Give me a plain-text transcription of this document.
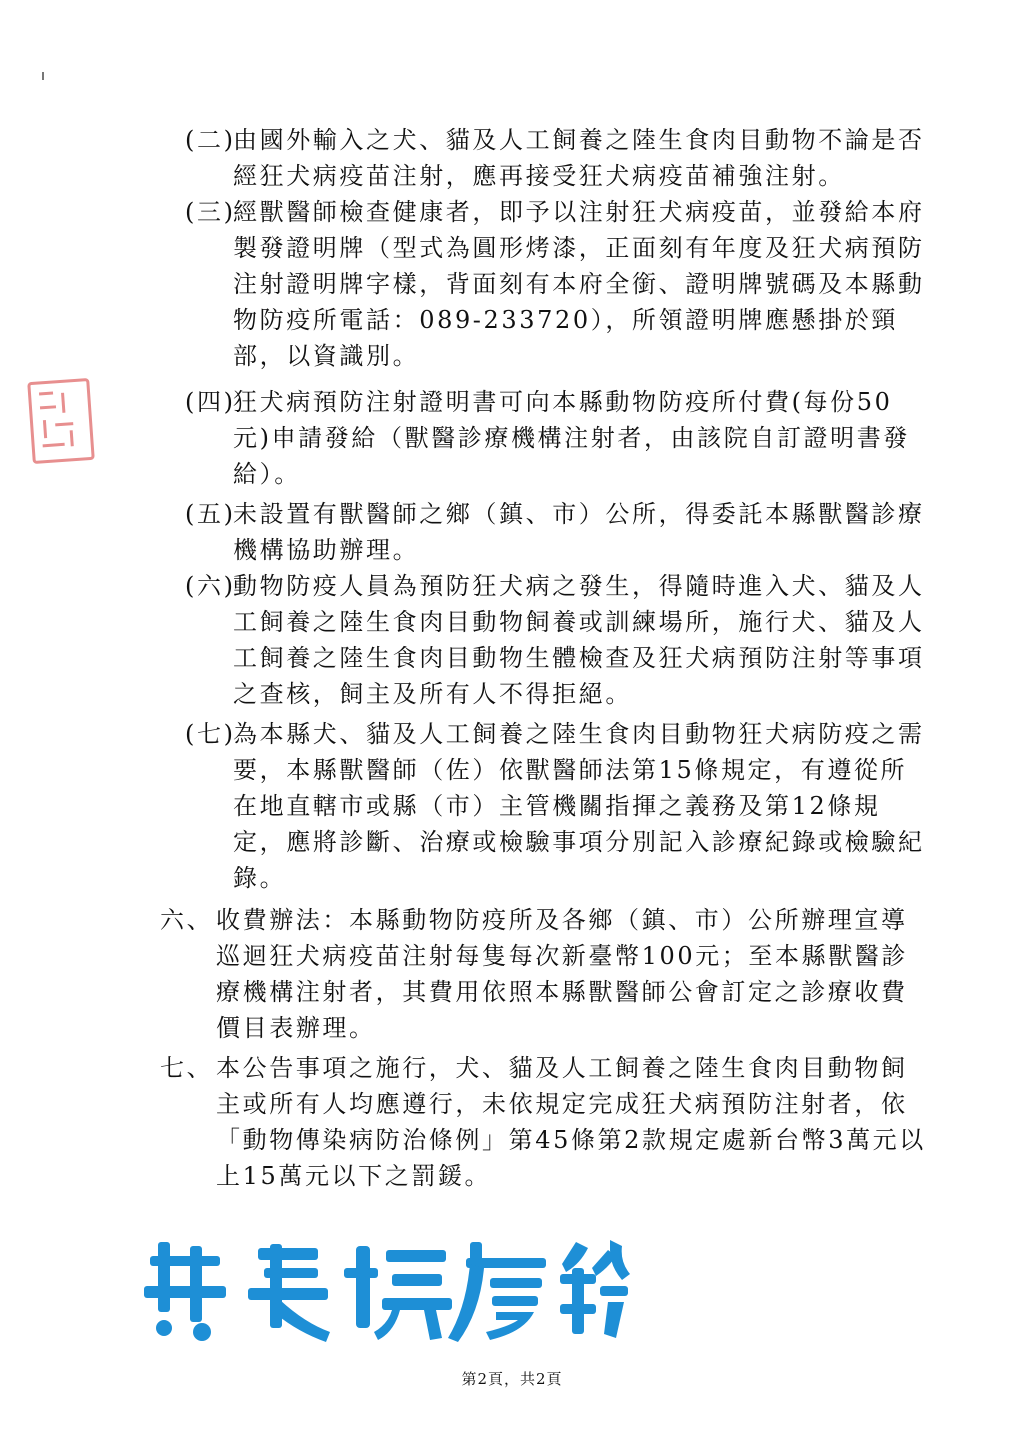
(二)
由國外輸入之犬、貓及人工飼養之陸生食肉目動物不論是否經狂犬病疫苗注射，應再接受狂犬病疫苗補強注射。
(三)
經獸醫師檢查健康者，即予以注射狂犬病疫苗，並發給本府製發證明牌（型式為圓形烤漆，正面刻有年度及狂犬病預防注射證明牌字樣，背面刻有本府全銜、證明牌號碼及本縣動物防疫所電話：089-233720），所領證明牌應懸掛於頸部，以資識別。
(四)
狂犬病預防注射證明書可向本縣動物防疫所付費(每份50元)申請發給（獸醫診療機構注射者，由該院自訂證明書發給）。
(五)
未設置有獸醫師之鄉（鎮、市）公所，得委託本縣獸醫診療機構協助辦理。
(六)
動物防疫人員為預防狂犬病之發生，得隨時進入犬、貓及人工飼養之陸生食肉目動物飼養或訓練場所，施行犬、貓及人工飼養之陸生食肉目動物生體檢查及狂犬病預防注射等事項之查核，飼主及所有人不得拒絕。
(七)
為本縣犬、貓及人工飼養之陸生食肉目動物狂犬病防疫之需要，本縣獸醫師（佐）依獸醫師法第15條規定，有遵從所在地直轄市或縣（市）主管機關指揮之義務及第12條規定，應將診斷、治療或檢驗事項分別記入診療紀錄或檢驗紀錄。
六、 收費辦法：本縣動物防疫所及各鄉（鎮、市）公所辦理宣導巡迴狂犬病疫苗注射每隻每次新臺幣100元；至本縣獸醫診療機構注射者，其費用依照本縣獸醫師公會訂定之診療收費價目表辦理。
七、 本公告事項之施行，犬、貓及人工飼養之陸生食肉目動物飼主或所有人均應遵行，未依規定完成狂犬病預防注射者，依「動物傳染病防治條例」第45條第2款規定處新台幣3萬元以上15萬元以下之罰鍰。
第2頁，共2頁
